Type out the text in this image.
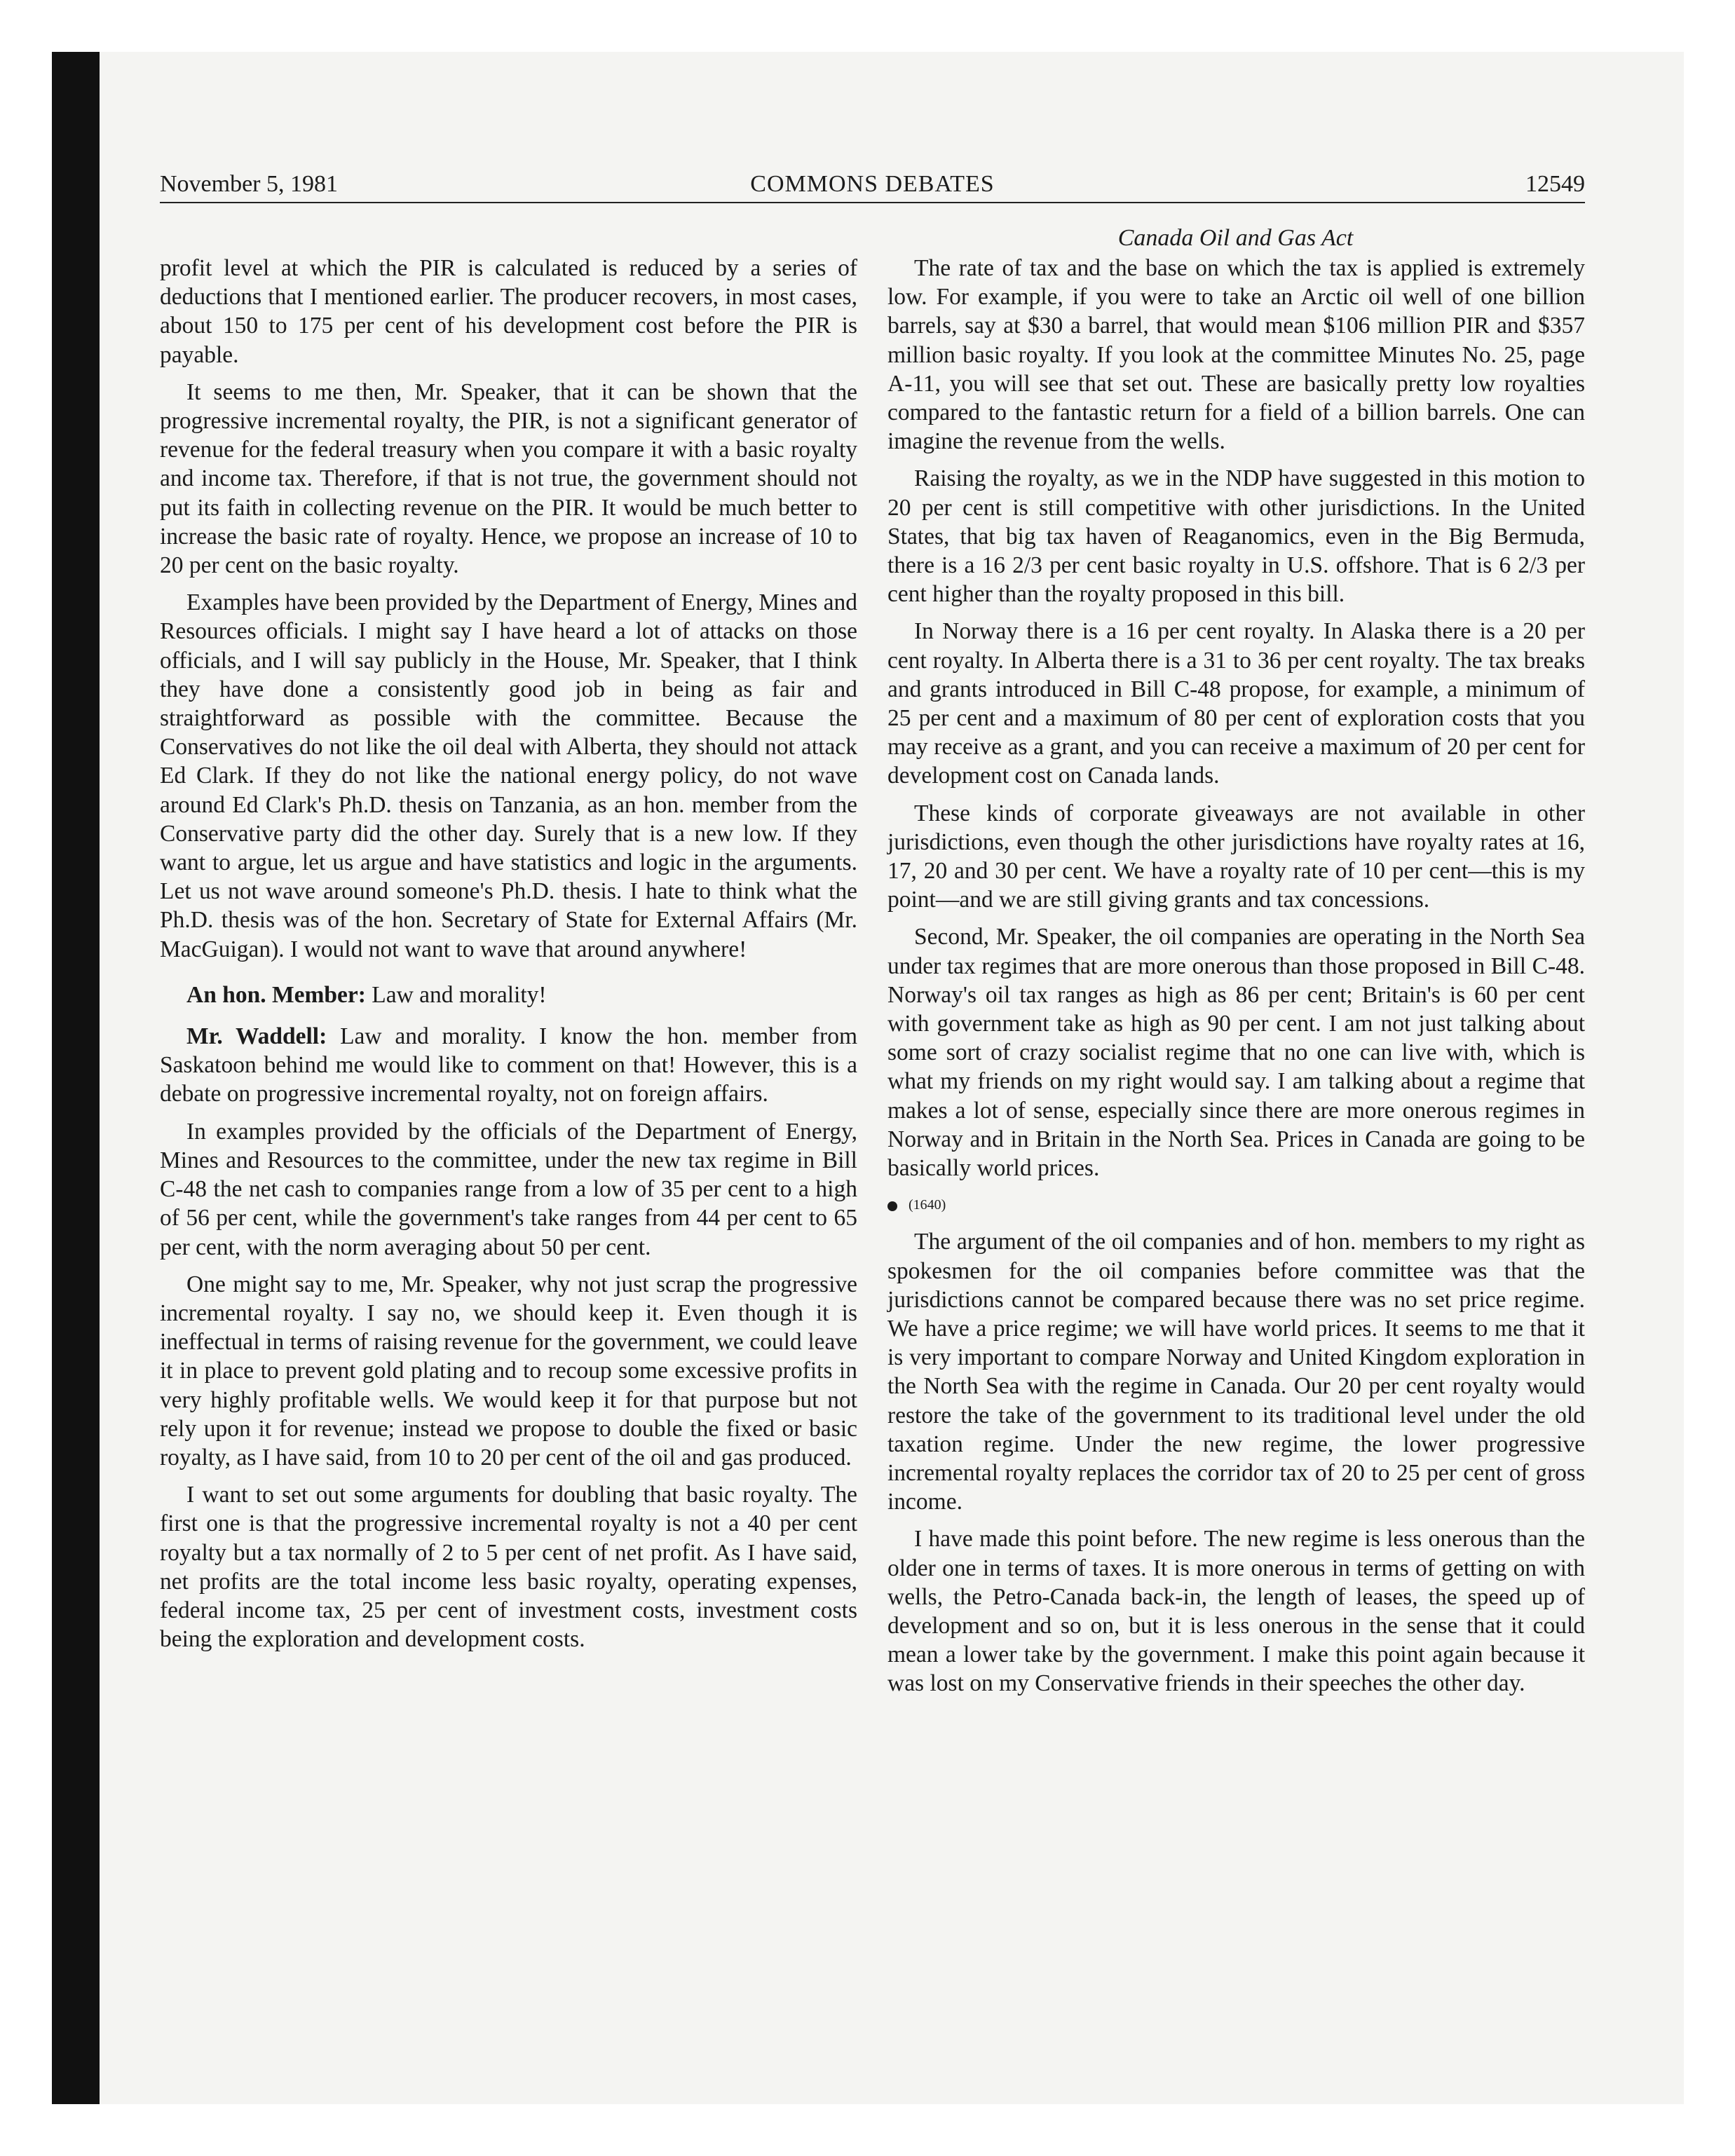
November 5, 1981	COMMONS DEBATES	12549
Canada Oil and Gas Act

profit level at which the PIR is calculated is reduced by a series of deductions that I mentioned earlier. The producer recovers, in most cases, about 150 to 175 per cent of his development cost before the PIR is payable.

It seems to me then, Mr. Speaker, that it can be shown that the progressive incremental royalty, the PIR, is not a significant generator of revenue for the federal treasury when you compare it with a basic royalty and income tax. Therefore, if that is not true, the government should not put its faith in collecting revenue on the PIR. It would be much better to increase the basic rate of royalty. Hence, we propose an increase of 10 to 20 per cent on the basic royalty.

Examples have been provided by the Department of Energy, Mines and Resources officials. I might say I have heard a lot of attacks on those officials, and I will say publicly in the House, Mr. Speaker, that I think they have done a consistently good job in being as fair and straightforward as possible with the committee. Because the Conservatives do not like the oil deal with Alberta, they should not attack Ed Clark. If they do not like the national energy policy, do not wave around Ed Clark's Ph.D. thesis on Tanzania, as an hon. member from the Conservative party did the other day. Surely that is a new low. If they want to argue, let us argue and have statistics and logic in the arguments. Let us not wave around someone's Ph.D. thesis. I hate to think what the Ph.D. thesis was of the hon. Secretary of State for External Affairs (Mr. MacGuigan). I would not want to wave that around anywhere!

An hon. Member: Law and morality!

Mr. Waddell: Law and morality. I know the hon. member from Saskatoon behind me would like to comment on that! However, this is a debate on progressive incremental royalty, not on foreign affairs.

In examples provided by the officials of the Department of Energy, Mines and Resources to the committee, under the new tax regime in Bill C-48 the net cash to companies range from a low of 35 per cent to a high of 56 per cent, while the government's take ranges from 44 per cent to 65 per cent, with the norm averaging about 50 per cent.

One might say to me, Mr. Speaker, why not just scrap the progressive incremental royalty. I say no, we should keep it. Even though it is ineffectual in terms of raising revenue for the government, we could leave it in place to prevent gold plating and to recoup some excessive profits in very highly profitable wells. We would keep it for that purpose but not rely upon it for revenue; instead we propose to double the fixed or basic royalty, as I have said, from 10 to 20 per cent of the oil and gas produced.

I want to set out some arguments for doubling that basic royalty. The first one is that the progressive incremental royalty is not a 40 per cent royalty but a tax normally of 2 to 5 per cent of net profit. As I have said, net profits are the total income less basic royalty, operating expenses, federal income tax, 25 per cent of investment costs, investment costs being the exploration and development costs.

The rate of tax and the base on which the tax is applied is extremely low. For example, if you were to take an Arctic oil well of one billion barrels, say at $30 a barrel, that would mean $106 million PIR and $357 million basic royalty. If you look at the committee Minutes No. 25, page A-11, you will see that set out. These are basically pretty low royalties compared to the fantastic return for a field of a billion barrels. One can imagine the revenue from the wells.

Raising the royalty, as we in the NDP have suggested in this motion to 20 per cent is still competitive with other jurisdictions. In the United States, that big tax haven of Reaganomics, even in the Big Bermuda, there is a 16 2/3 per cent basic royalty in U.S. offshore. That is 6 2/3 per cent higher than the royalty proposed in this bill.

In Norway there is a 16 per cent royalty. In Alaska there is a 20 per cent royalty. In Alberta there is a 31 to 36 per cent royalty. The tax breaks and grants introduced in Bill C-48 propose, for example, a minimum of 25 per cent and a maximum of 80 per cent of exploration costs that you may receive as a grant, and you can receive a maximum of 20 per cent for development cost on Canada lands.

These kinds of corporate giveaways are not available in other jurisdictions, even though the other jurisdictions have royalty rates at 16, 17, 20 and 30 per cent. We have a royalty rate of 10 per cent—this is my point—and we are still giving grants and tax concessions.

Second, Mr. Speaker, the oil companies are operating in the North Sea under tax regimes that are more onerous than those proposed in Bill C-48. Norway's oil tax ranges as high as 86 per cent; Britain's is 60 per cent with government take as high as 90 per cent. I am not just talking about some sort of crazy socialist regime that no one can live with, which is what my friends on my right would say. I am talking about a regime that makes a lot of sense, especially since there are more onerous regimes in Norway and in Britain in the North Sea. Prices in Canada are going to be basically world prices.

(1640)

The argument of the oil companies and of hon. members to my right as spokesmen for the oil companies before committee was that the jurisdictions cannot be compared because there was no set price regime. We have a price regime; we will have world prices. It seems to me that it is very important to compare Norway and United Kingdom exploration in the North Sea with the regime in Canada. Our 20 per cent royalty would restore the take of the government to its traditional level under the old taxation regime. Under the new regime, the lower progressive incremental royalty replaces the corridor tax of 20 to 25 per cent of gross income.

I have made this point before. The new regime is less onerous than the older one in terms of taxes. It is more onerous in terms of getting on with wells, the Petro-Canada back-in, the length of leases, the speed up of development and so on, but it is less onerous in the sense that it could mean a lower take by the government. I make this point again because it was lost on my Conservative friends in their speeches the other day.
